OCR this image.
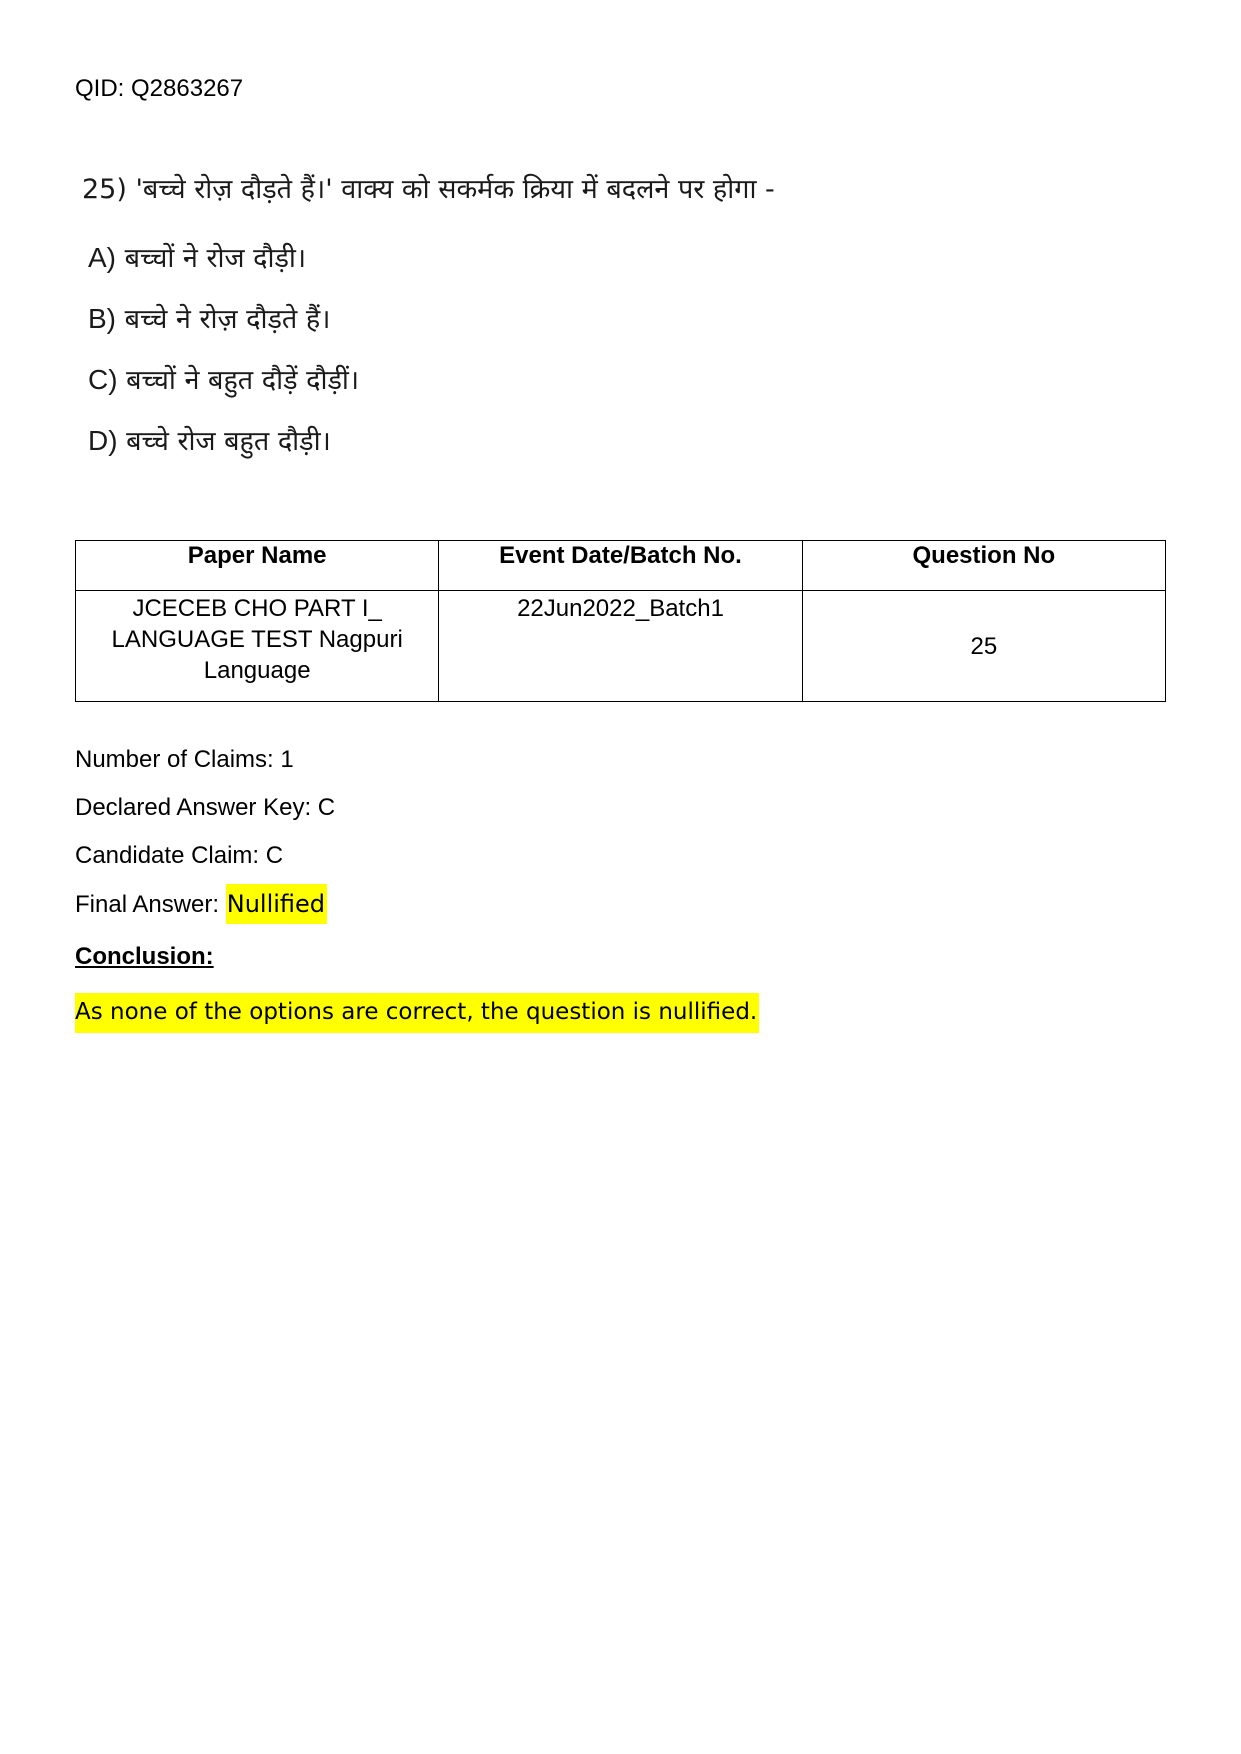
QID: Q2863267
25) 'बच्चे रोज़ दौड़ते हैं।' वाक्य को सकर्मक क्रिया में बदलने पर होगा -
A) बच्चों ने रोज दौड़ी।
B) बच्चे ने रोज़ दौड़ते हैं।
C) बच्चों ने बहुत दौड़ें दौड़ीं।
D) बच्चे रोज बहुत दौड़ी।
Paper Name	Event Date/Batch No.	Question No
JCECEB CHO PART I_ LANGUAGE TEST Nagpuri Language	22Jun2022_Batch1	25
Number of Claims: 1
Declared Answer Key: C
Candidate Claim: C
Final Answer: Nullified
Conclusion:
As none of the options are correct, the question is nullified.
